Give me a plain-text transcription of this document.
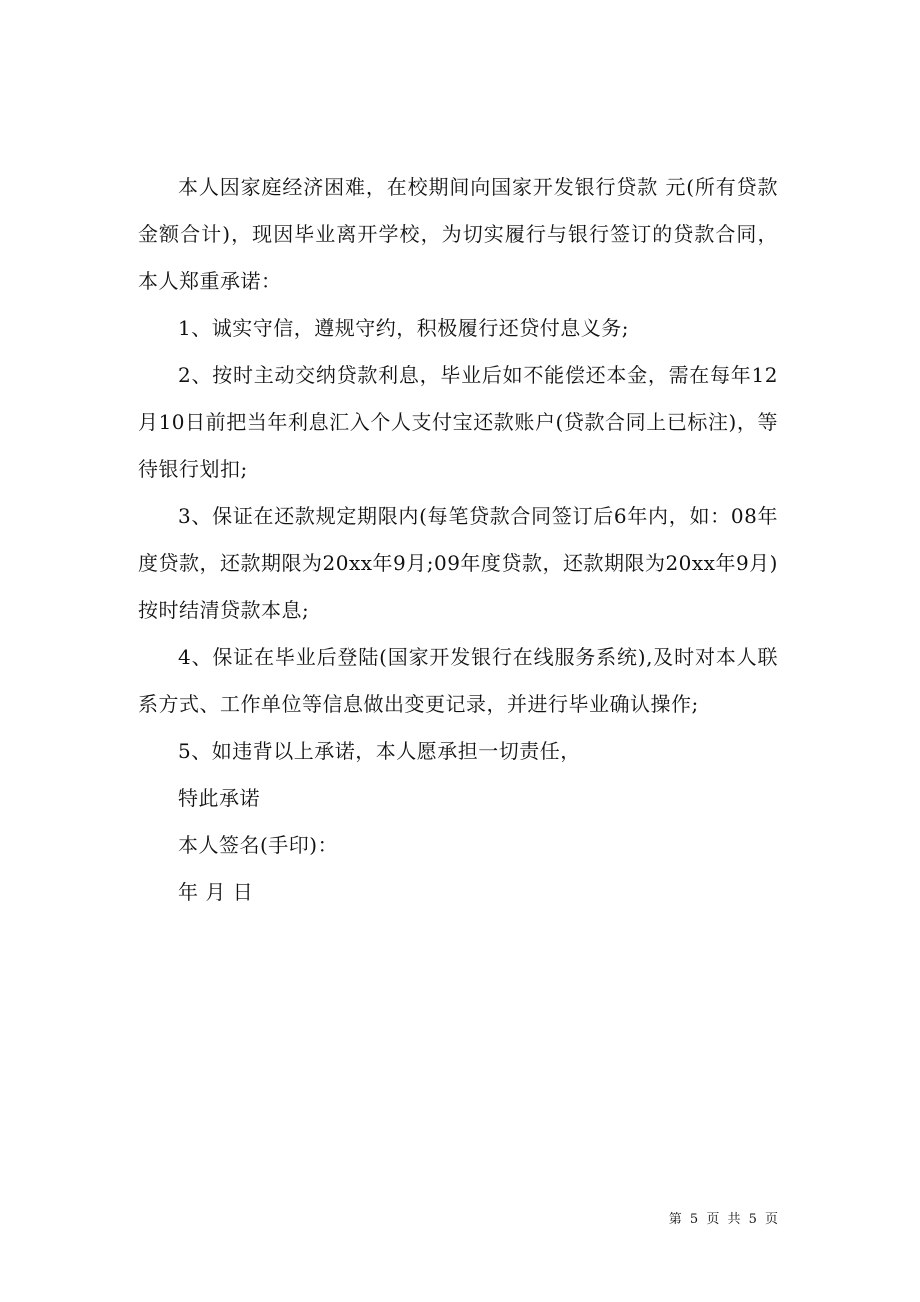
本人因家庭经济困难，在校期间向国家开发银行贷款 元(所有贷款金额合计)，现因毕业离开学校，为切实履行与银行签订的贷款合同，本人郑重承诺：

1、诚实守信，遵规守约，积极履行还贷付息义务;

2、按时主动交纳贷款利息，毕业后如不能偿还本金，需在每年12月10日前把当年利息汇入个人支付宝还款账户(贷款合同上已标注)，等待银行划扣;

3、保证在还款规定期限内(每笔贷款合同签订后6年内，如：08年度贷款，还款期限为20xx年9月;09年度贷款，还款期限为20xx年9月)按时结清贷款本息;

4、保证在毕业后登陆(国家开发银行在线服务系统),及时对本人联系方式、工作单位等信息做出变更记录，并进行毕业确认操作;

5、如违背以上承诺，本人愿承担一切责任，

特此承诺

本人签名(手印)：

年 月 日

第 5 页 共 5 页
